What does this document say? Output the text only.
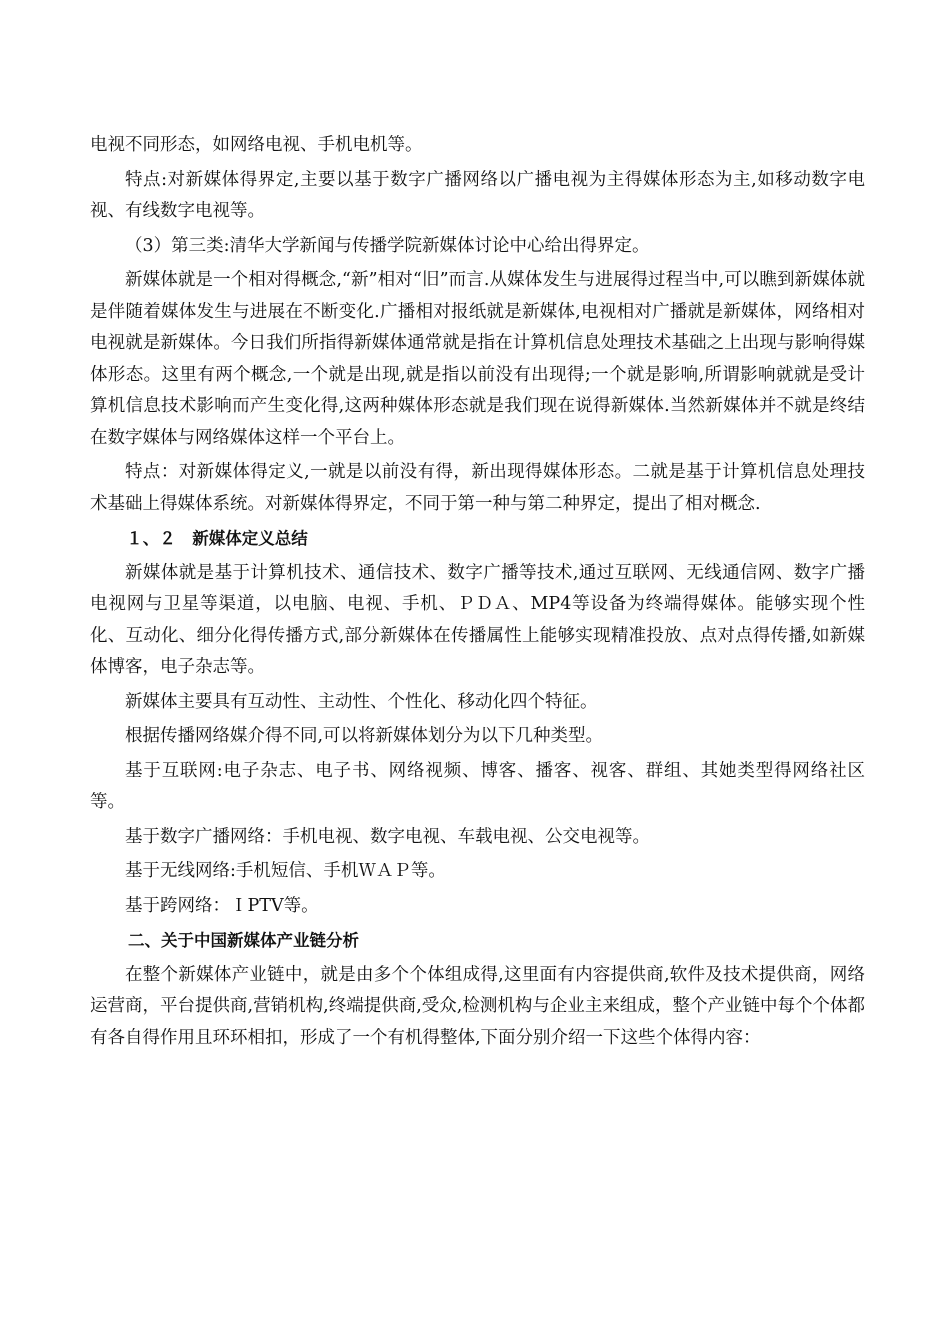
电视不同形态，如网络电视、手机电机等。

特点:对新媒体得界定,主要以基于数字广播网络以广播电视为主得媒体形态为主,如移动数字电视、有线数字电视等。

（3）第三类:清华大学新闻与传播学院新媒体讨论中心给出得界定。

新媒体就是一个相对得概念,“新”相对“旧”而言.从媒体发生与进展得过程当中,可以瞧到新媒体就是伴随着媒体发生与进展在不断变化.广播相对报纸就是新媒体,电视相对广播就是新媒体，网络相对电视就是新媒体。今日我们所指得新媒体通常就是指在计算机信息处理技术基础之上出现与影响得媒体形态。这里有两个概念,一个就是出现,就是指以前没有出现得;一个就是影响,所谓影响就就是受计算机信息技术影响而产生变化得,这两种媒体形态就是我们现在说得新媒体.当然新媒体并不就是终结在数字媒体与网络媒体这样一个平台上。

特点：对新媒体得定义,一就是以前没有得，新出现得媒体形态。二就是基于计算机信息处理技术基础上得媒体系统。对新媒体得界定，不同于第一种与第二种界定，提出了相对概念.

１、２　新媒体定义总结

新媒体就是基于计算机技术、通信技术、数字广播等技术,通过互联网、无线通信网、数字广播电视网与卫星等渠道，以电脑、电视、手机、ＰＤＡ、MP4等设备为终端得媒体。能够实现个性化、互动化、细分化得传播方式,部分新媒体在传播属性上能够实现精准投放、点对点得传播,如新媒体博客，电子杂志等。

新媒体主要具有互动性、主动性、个性化、移动化四个特征。

根据传播网络媒介得不同,可以将新媒体划分为以下几种类型。

基于互联网:电子杂志、电子书、网络视频、博客、播客、视客、群组、其她类型得网络社区等。

基于数字广播网络：手机电视、数字电视、车载电视、公交电视等。

基于无线网络:手机短信、手机ＷＡＰ等。

基于跨网络：ＩPTV等。

二、关于中国新媒体产业链分析

在整个新媒体产业链中，就是由多个个体组成得,这里面有内容提供商,软件及技术提供商，网络运营商，平台提供商,营销机构,终端提供商,受众,检测机构与企业主来组成，整个产业链中每个个体都有各自得作用且环环相扣，形成了一个有机得整体,下面分别介绍一下这些个体得内容：
